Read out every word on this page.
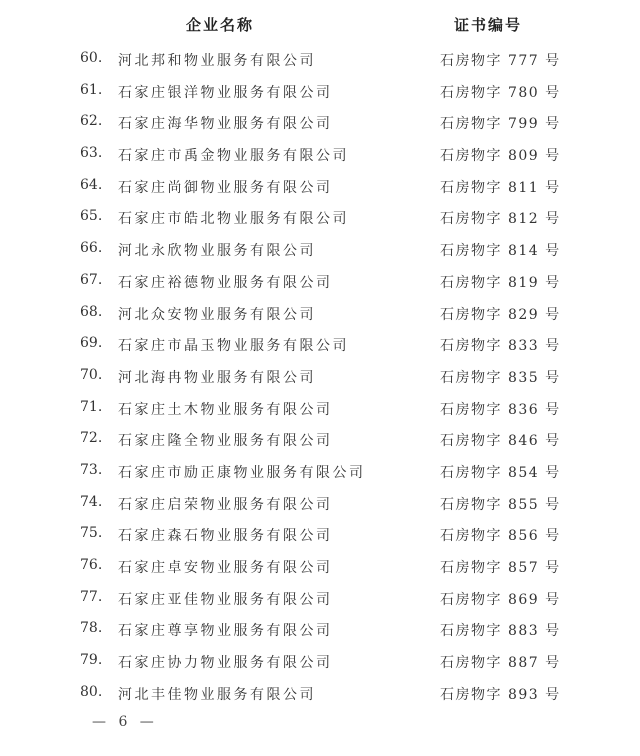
企业名称	证书编号
60. 河北邦和物业服务有限公司	石房物字 777 号
61. 石家庄银洋物业服务有限公司	石房物字 780 号
62. 石家庄海华物业服务有限公司	石房物字 799 号
63. 石家庄市禹金物业服务有限公司	石房物字 809 号
64. 石家庄尚御物业服务有限公司	石房物字 811 号
65. 石家庄市皓北物业服务有限公司	石房物字 812 号
66. 河北永欣物业服务有限公司	石房物字 814 号
67. 石家庄裕德物业服务有限公司	石房物字 819 号
68. 河北众安物业服务有限公司	石房物字 829 号
69. 石家庄市晶玉物业服务有限公司	石房物字 833 号
70. 河北海冉物业服务有限公司	石房物字 835 号
71. 石家庄土木物业服务有限公司	石房物字 836 号
72. 石家庄隆全物业服务有限公司	石房物字 846 号
73. 石家庄市励正康物业服务有限公司	石房物字 854 号
74. 石家庄启荣物业服务有限公司	石房物字 855 号
75. 石家庄森石物业服务有限公司	石房物字 856 号
76. 石家庄卓安物业服务有限公司	石房物字 857 号
77. 石家庄亚佳物业服务有限公司	石房物字 869 号
78. 石家庄尊享物业服务有限公司	石房物字 883 号
79. 石家庄协力物业服务有限公司	石房物字 887 号
80. 河北丰佳物业服务有限公司	石房物字 893 号
— 6 —
